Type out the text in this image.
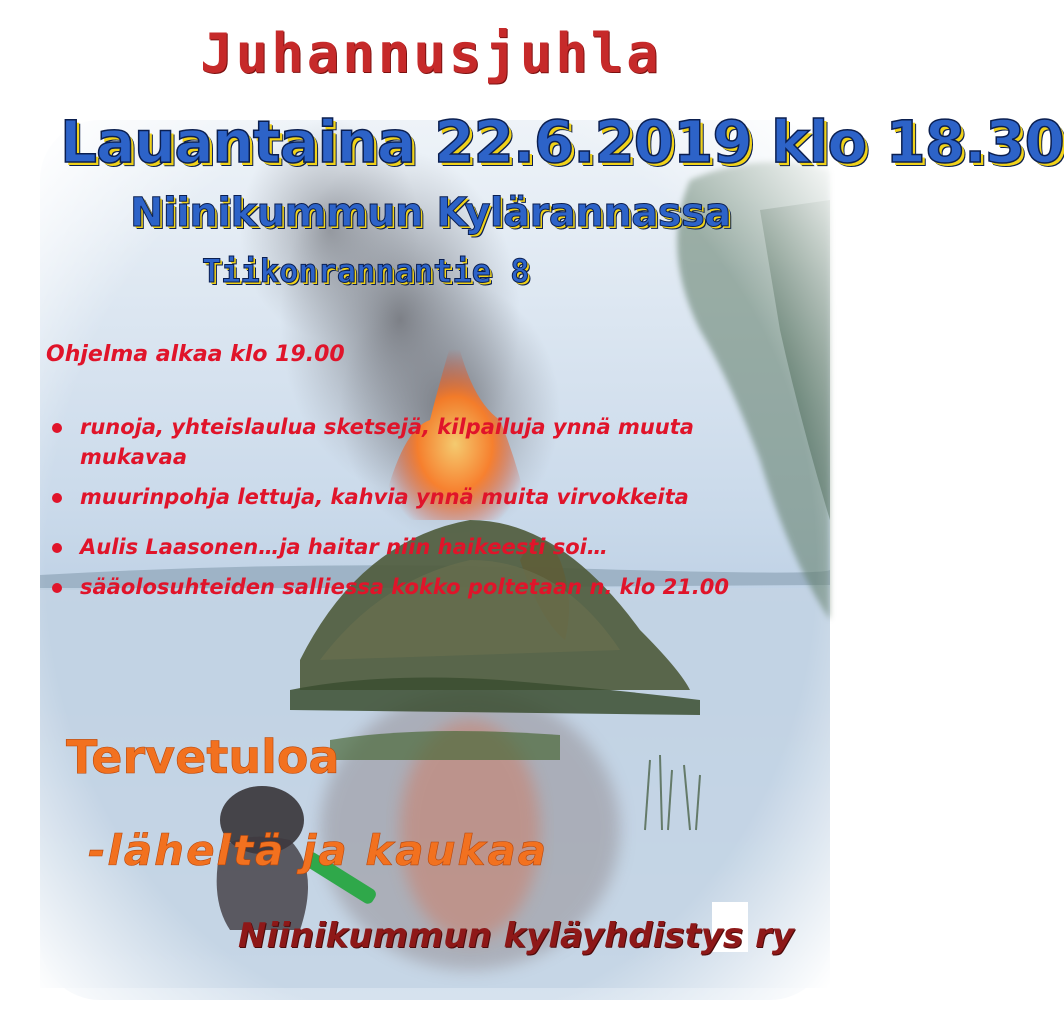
Juhannusjuhla
Lauantaina 22.6.2019 klo 18.30
Niinikummun Kylärannassa
Tiikonrannantie 8
Ohjelma alkaa klo 19.00
runoja, yhteislaulua sketsejä, kilpailuja ynnä muuta
mukavaa
muurinpohja lettuja, kahvia ynnä muita virvokkeita
Aulis Laasonen…ja haitar niin haikeesti soi…
sääolosuhteiden salliessa kokko poltetaan n. klo 21.00
Tervetuloa
-läheltä ja kaukaa
Niinikummun kyläyhdistys ry
